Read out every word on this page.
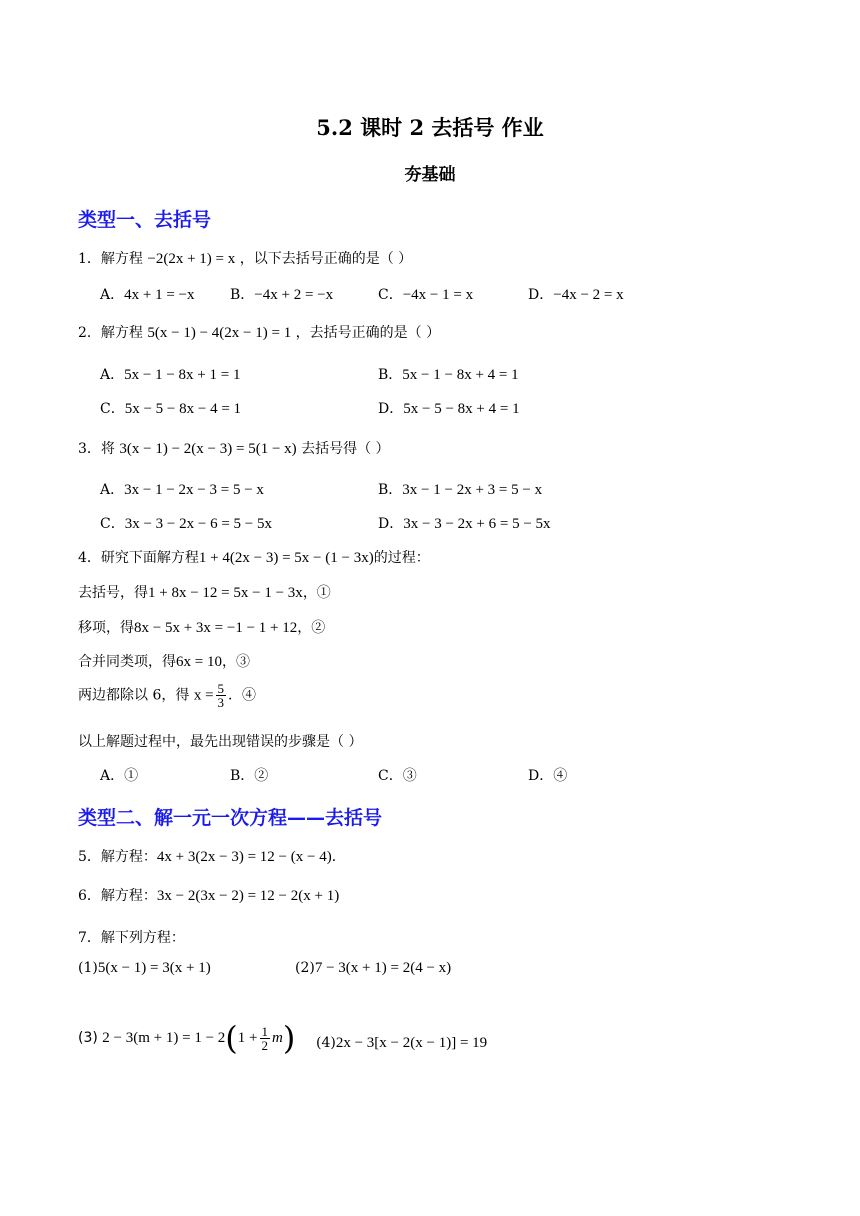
5.2 课时 2 去括号 作业
夯基础
类型一、去括号
1．解方程 −2(2x + 1) = x ，以下去括号正确的是（ ）
A．4x + 1 = −x	B．−4x + 2 = −x	C．−4x − 1 = x	D．−4x − 2 = x
2．解方程 5(x − 1) − 4(2x − 1) = 1 ，去括号正确的是（ ）
A．5x − 1 − 8x + 1 = 1	B．5x − 1 − 8x + 4 = 1
C．5x − 5 − 8x − 4 = 1	D．5x − 5 − 8x + 4 = 1
3．将 3(x − 1) − 2(x − 3) = 5(1 − x) 去括号得（ ）
A．3x − 1 − 2x − 3 = 5 − x	B．3x − 1 − 2x + 3 = 5 − x
C．3x − 3 − 2x − 6 = 5 − 5x	D．3x − 3 − 2x + 6 = 5 − 5x
4．研究下面解方程1 + 4(2x − 3) = 5x − (1 − 3x)的过程：
去括号，得1 + 8x − 12 = 5x − 1 − 3x，①
移项，得8x − 5x + 3x = −1 − 1 + 12，②
合并同类项，得6x = 10，③
两边都除以 6，得 $x = \frac{5}{3}$ ．④
以上解题过程中，最先出现错误的步骤是（ ）
A．①	B．②	C．③	D．④
类型二、解一元一次方程——去括号
5．解方程：4x + 3(2x − 3) = 12 − (x − 4)．
6．解方程：3x − 2(3x − 2) = 12 − 2(x + 1)
7．解下列方程：
(1)5(x − 1) = 3(x + 1)	(2)7 − 3(x + 1) = 2(4 − x)
(3) $2 - 3(m + 1) = 1 - 2(1 + \frac{1}{2} m)$ (4)2x − 3[x − 2(x − 1)] = 19
